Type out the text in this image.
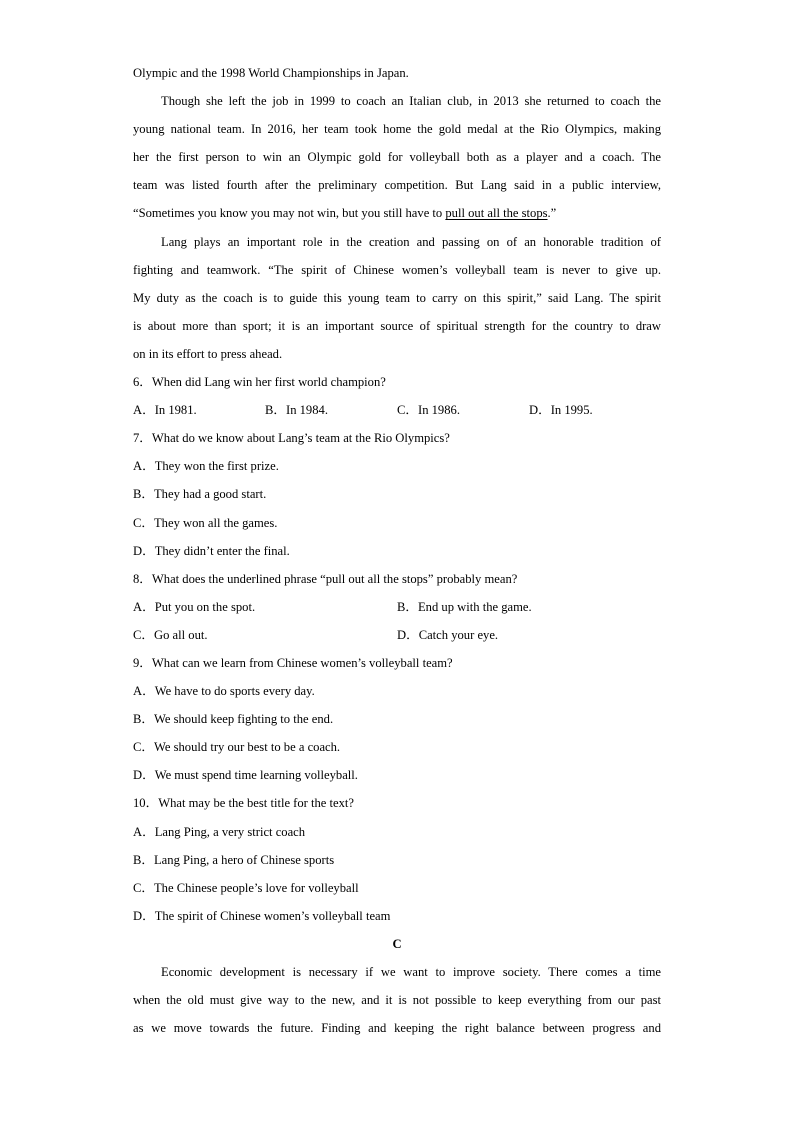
Olympic and the 1998 World Championships in Japan.
Though she left the job in 1999 to coach an Italian club, in 2013 she returned to coach the
young national team. In 2016, her team took home the gold medal at the Rio Olympics, making
her the first person to win an Olympic gold for volleyball both as a player and a coach. The
team was listed fourth after the preliminary competition. But Lang said in a public interview,
“Sometimes you know you may not win, but you still have to pull out all the stops.”
Lang plays an important role in the creation and passing on of an honorable tradition of
fighting and teamwork. “The spirit of Chinese women’s volleyball team is never to give up.
My duty as the coach is to guide this young team to carry on this spirit,” said Lang. The spirit
is about more than sport; it is an important source of spiritual strength for the country to draw
on in its effort to press ahead.
6．When did Lang win her first world champion?
A．In 1981.	B．In 1984.	C．In 1986.	D．In 1995.
7．What do we know about Lang’s team at the Rio Olympics?
A．They won the first prize.
B．They had a good start.
C．They won all the games.
D．They didn’t enter the final.
8．What does the underlined phrase “pull out all the stops” probably mean?
A．Put you on the spot.	B．End up with the game.
C．Go all out.	D．Catch your eye.
9．What can we learn from Chinese women’s volleyball team?
A．We have to do sports every day.
B．We should keep fighting to the end.
C．We should try our best to be a coach.
D．We must spend time learning volleyball.
10．What may be the best title for the text?
A．Lang Ping, a very strict coach
B．Lang Ping, a hero of Chinese sports
C．The Chinese people’s love for volleyball
D．The spirit of Chinese women’s volleyball team
C
Economic development is necessary if we want to improve society. There comes a time
when the old must give way to the new, and it is not possible to keep everything from our past
as we move towards the future. Finding and keeping the right balance between progress and
